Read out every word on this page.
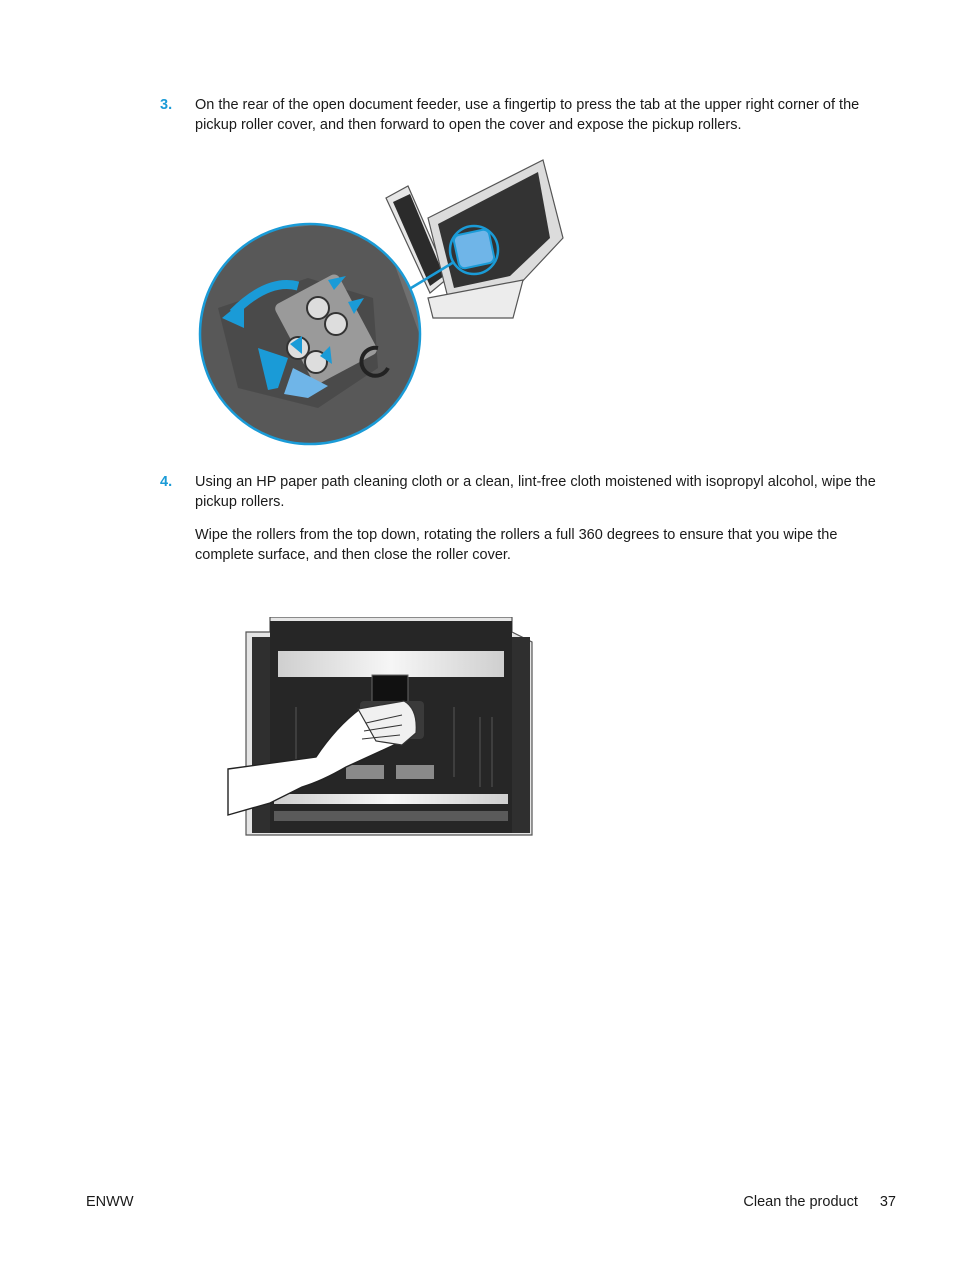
3. On the rear of the open document feeder, use a fingertip to press the tab at the upper right corner of the pickup roller cover, and then forward to open the cover and expose the pickup rollers.

4. Using an HP paper path cleaning cloth or a clean, lint-free cloth moistened with isopropyl alcohol, wipe the pickup rollers.

Wipe the rollers from the top down, rotating the rollers a full 360 degrees to ensure that you wipe the complete surface, and then close the roller cover.

ENWW	Clean the product 37
